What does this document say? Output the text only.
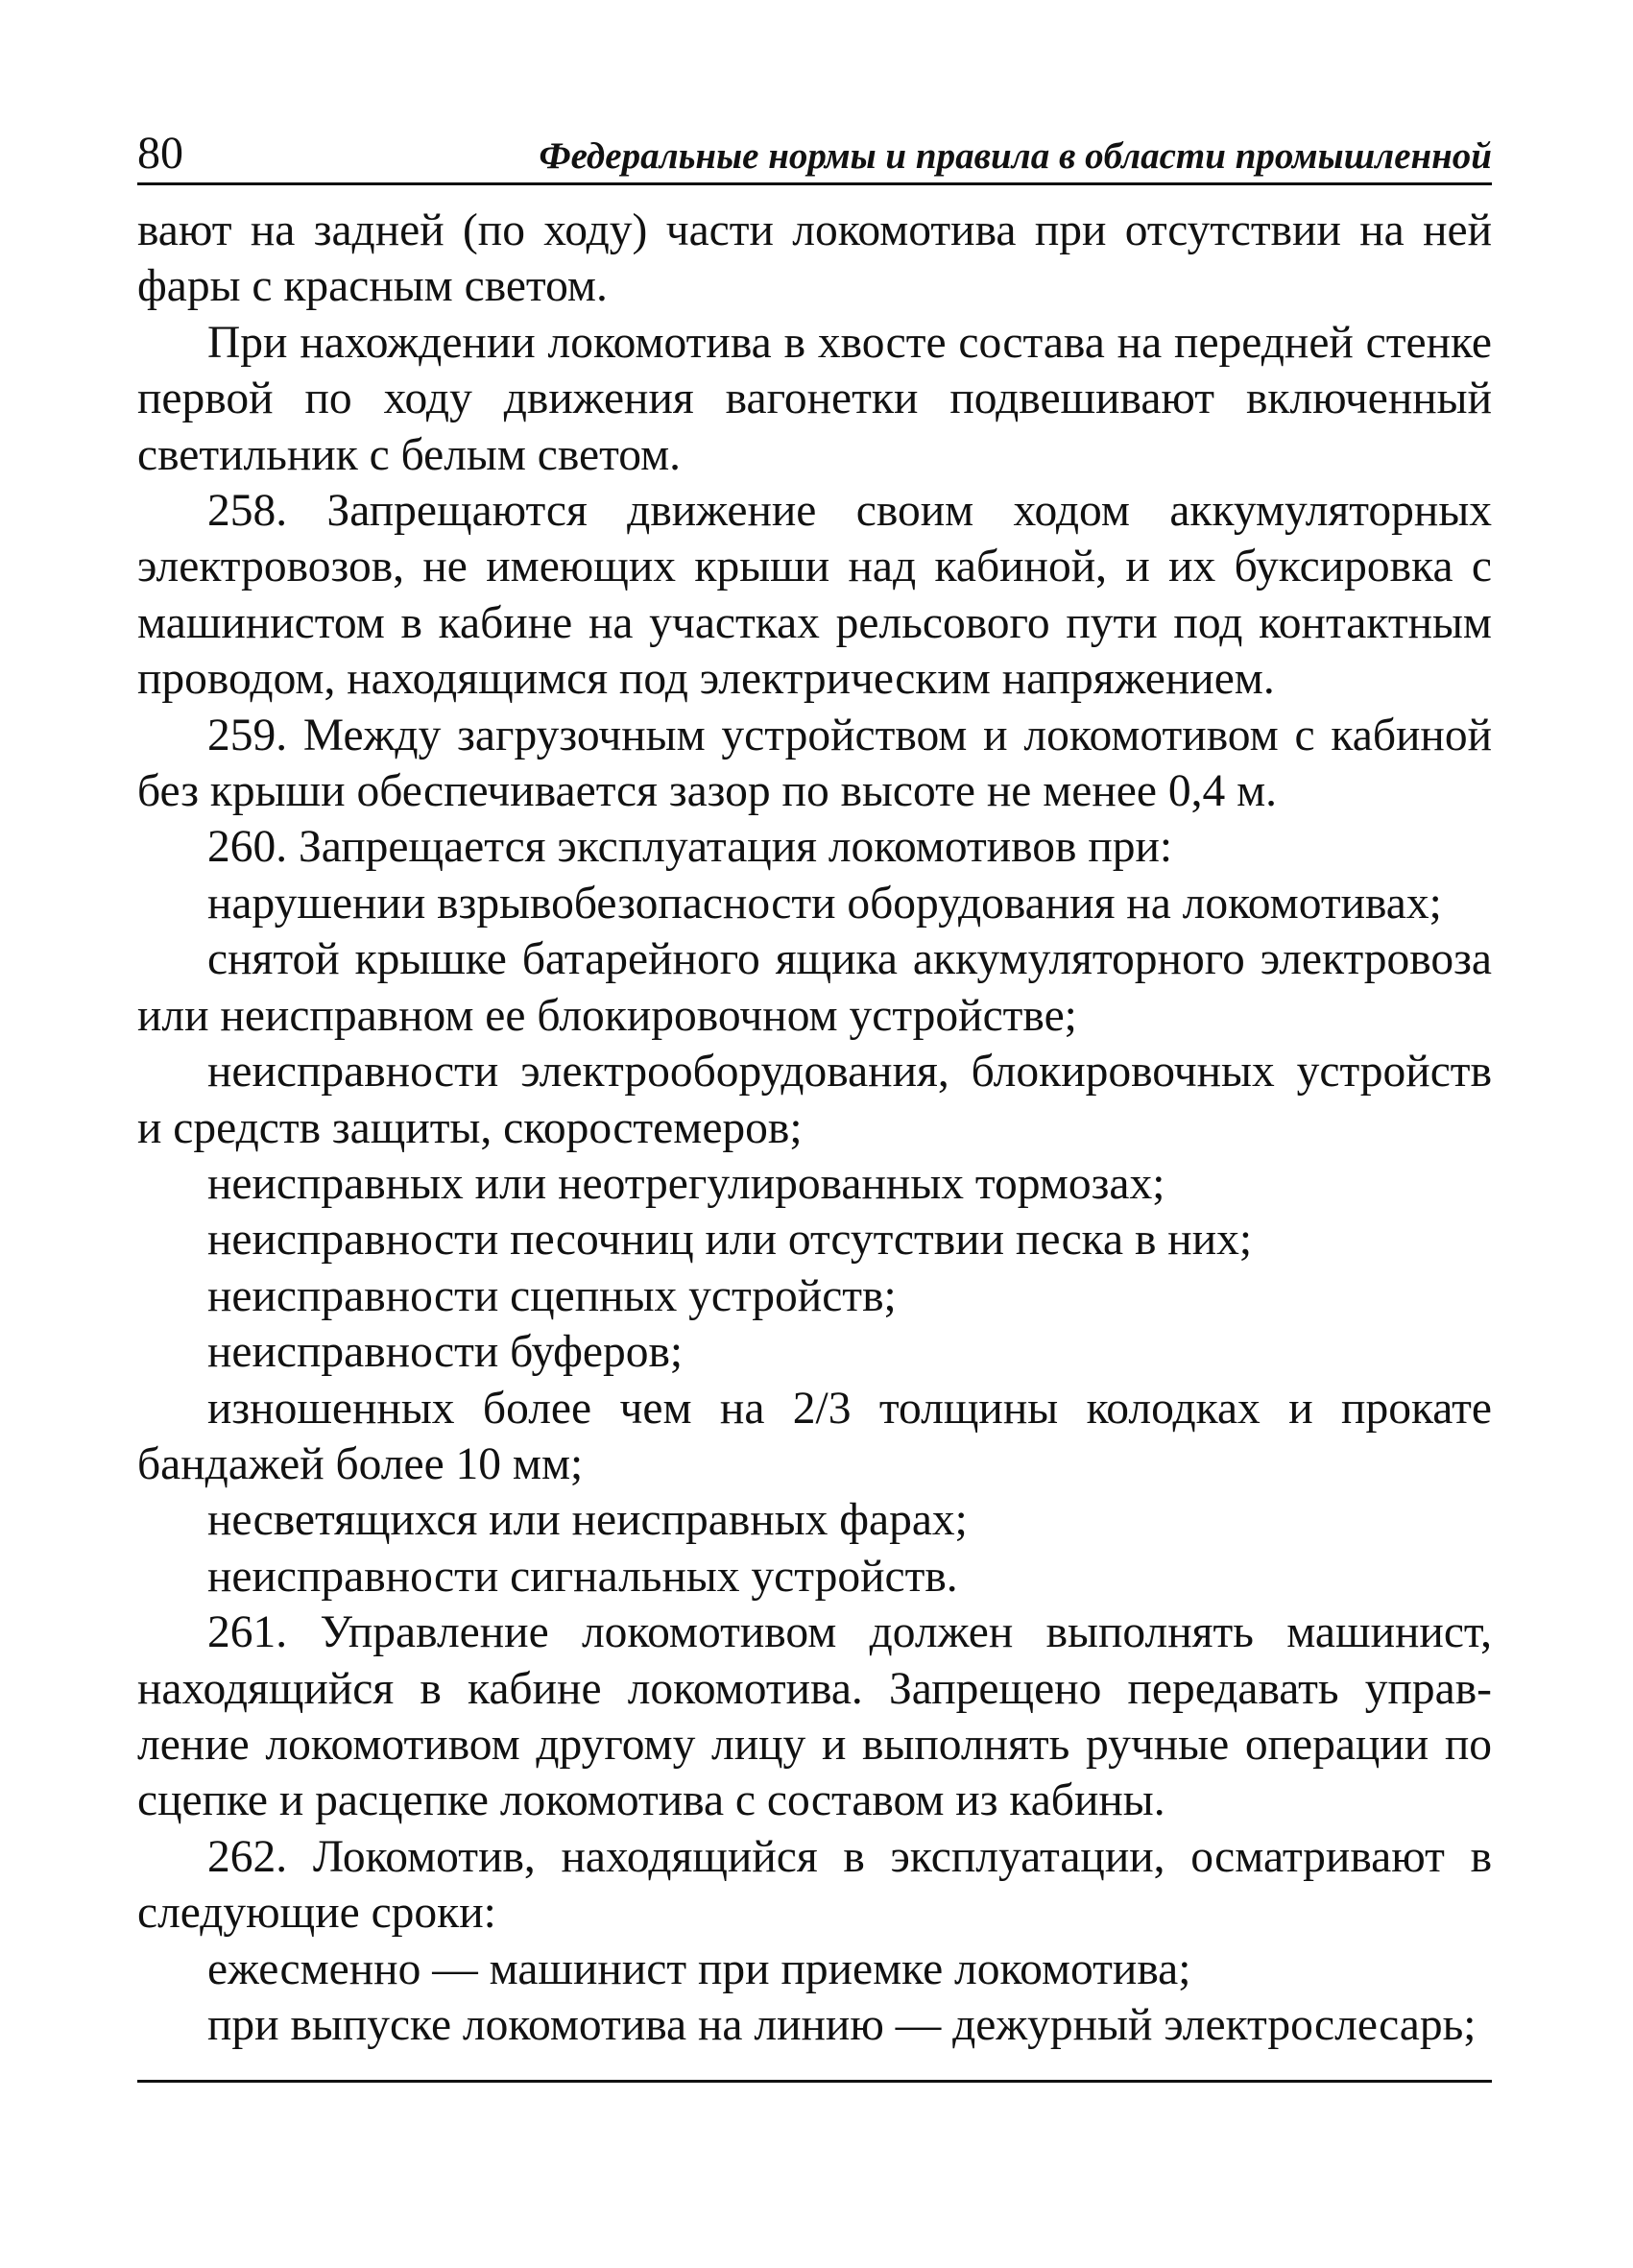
80	Федеральные нормы и правила в области промышленной

вают на задней (по ходу) части локомотива при отсутствии на ней фары с красным светом.

При нахождении локомотива в хвосте состава на передней стенке первой по ходу движения вагонетки подвешивают включенный светильник с белым светом.

258. Запрещаются движение своим ходом аккумуляторных электровозов, не имеющих крыши над кабиной, и их буксировка с машинистом в кабине на участках рельсового пути под контактным проводом, находящимся под электрическим напряжением.

259. Между загрузочным устройством и локомотивом с кабиной без крыши обеспечивается зазор по высоте не менее 0,4 м.

260. Запрещается эксплуатация локомотивов при:

нарушении взрывобезопасности оборудования на локомотивах;

снятой крышке батарейного ящика аккумуляторного электровоза или неисправном ее блокировочном устройстве;

неисправности электрооборудования, блокировочных устройств и средств защиты, скоростемеров;

неисправных или неотрегулированных тормозах;

неисправности песочниц или отсутствии песка в них;

неисправности сцепных устройств;

неисправности буферов;

изношенных более чем на 2/3 толщины колодках и прокате бандажей более 10 мм;

несветящихся или неисправных фарах;

неисправности сигнальных устройств.

261. Управление локомотивом должен выполнять машинист, находящийся в кабине локомотива. Запрещено передавать управление локомотивом другому лицу и выполнять ручные операции по сцепке и расцепке локомотива с составом из кабины.

262. Локомотив, находящийся в эксплуатации, осматривают в следующие сроки:

ежесменно — машинист при приемке локомотива;

при выпуске локомотива на линию — дежурный электрослесарь;
